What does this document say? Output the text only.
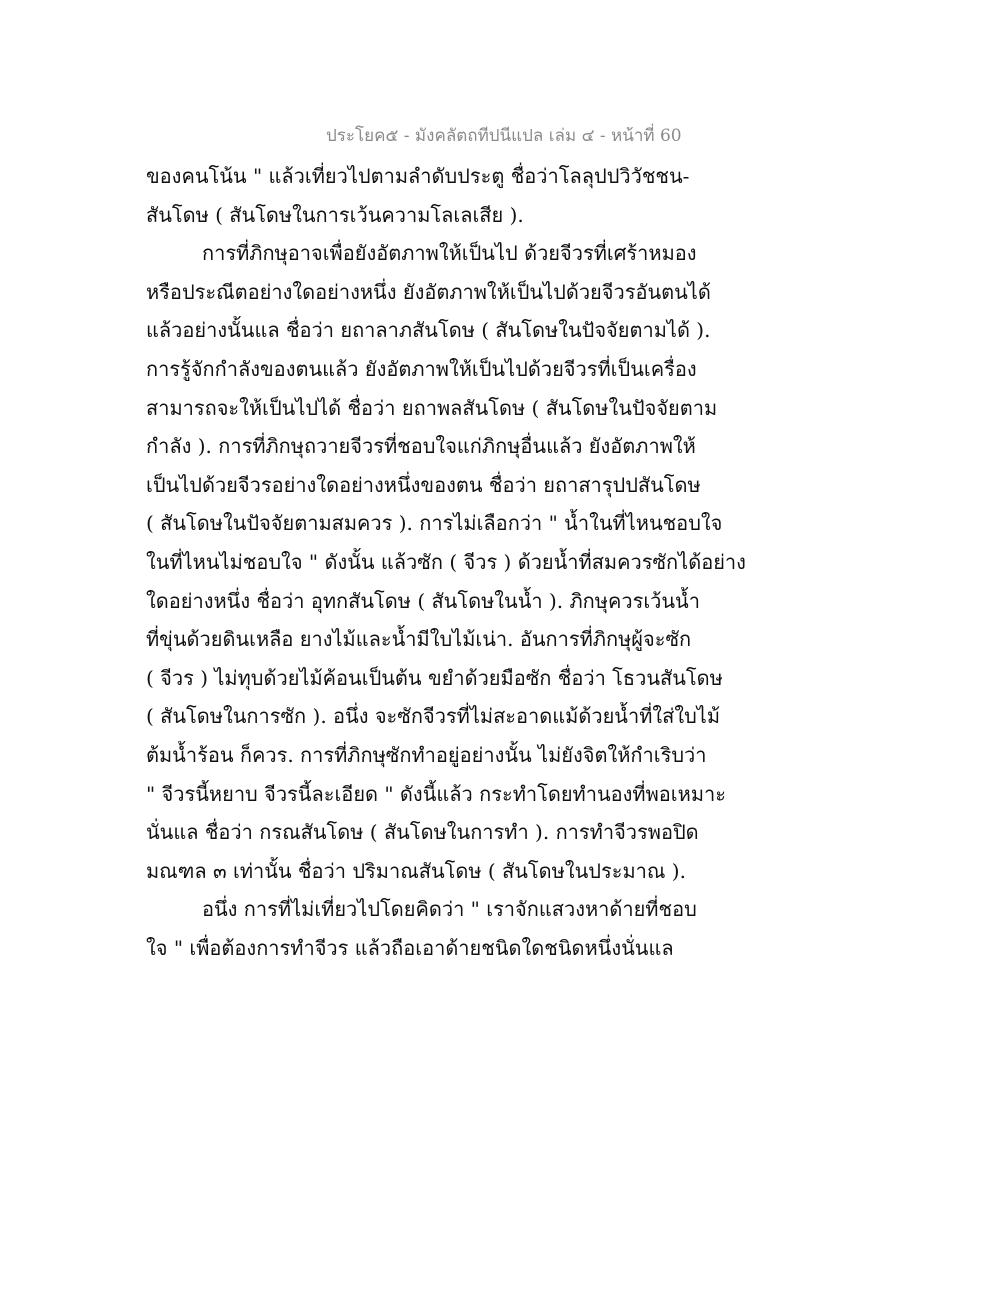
ประโยค๕ - มังคลัตถทีปนีแปล เล่ม ๔ - หน้าที่ 60
ของคนโน้น " แล้วเที่ยวไปตามลำดับประตู ชื่อว่าโลลุปปวิวัชชน-
สันโดษ ( สันโดษในการเว้นความโลเลเสีย ).
การที่ภิกษุอาจเพื่อยังอัตภาพให้เป็นไป ด้วยจีวรที่เศร้าหมอง
หรือประณีตอย่างใดอย่างหนึ่ง ยังอัตภาพให้เป็นไปด้วยจีวรอันตนได้
แล้วอย่างนั้นแล ชื่อว่า ยถาลาภสันโดษ ( สันโดษในปัจจัยตามได้ ).
การรู้จักกำลังของตนแล้ว ยังอัตภาพให้เป็นไปด้วยจีวรที่เป็นเครื่อง
สามารถจะให้เป็นไปได้ ชื่อว่า ยถาพลสันโดษ ( สันโดษในปัจจัยตาม
กำลัง ). การที่ภิกษุถวายจีวรที่ชอบใจแก่ภิกษุอื่นแล้ว ยังอัตภาพให้
เป็นไปด้วยจีวรอย่างใดอย่างหนึ่งของตน ชื่อว่า ยถาสารุปปสันโดษ
( สันโดษในปัจจัยตามสมควร ). การไม่เลือกว่า " น้ำในที่ไหนชอบใจ
ในที่ไหนไม่ชอบใจ " ดังนั้น แล้วซัก ( จีวร ) ด้วยน้ำที่สมควรซักได้อย่าง
ใดอย่างหนึ่ง ชื่อว่า อุทกสันโดษ ( สันโดษในน้ำ ). ภิกษุควรเว้นน้ำ
ที่ขุ่นด้วยดินเหลือ ยางไม้และน้ำมีใบไม้เน่า. อันการที่ภิกษุผู้จะซัก
( จีวร ) ไม่ทุบด้วยไม้ค้อนเป็นต้น ขยำด้วยมือซัก ชื่อว่า โธวนสันโดษ
( สันโดษในการซัก ). อนึ่ง จะซักจีวรที่ไม่สะอาดแม้ด้วยน้ำที่ใส่ใบไม้
ต้มน้ำร้อน ก็ควร. การที่ภิกษุซักทำอยู่อย่างนั้น ไม่ยังจิตให้กำเริบว่า
" จีวรนี้หยาบ จีวรนี้ละเอียด " ดังนี้แล้ว กระทำโดยทำนองที่พอเหมาะ
นั่นแล ชื่อว่า กรณสันโดษ ( สันโดษในการทำ ). การทำจีวรพอปิด
มณฑล ๓ เท่านั้น ชื่อว่า ปริมาณสันโดษ ( สันโดษในประมาณ ).
อนึ่ง การที่ไม่เที่ยวไปโดยคิดว่า " เราจักแสวงหาด้ายที่ชอบ
ใจ " เพื่อต้องการทำจีวร แล้วถือเอาด้ายชนิดใดชนิดหนึ่งนั่นแล
